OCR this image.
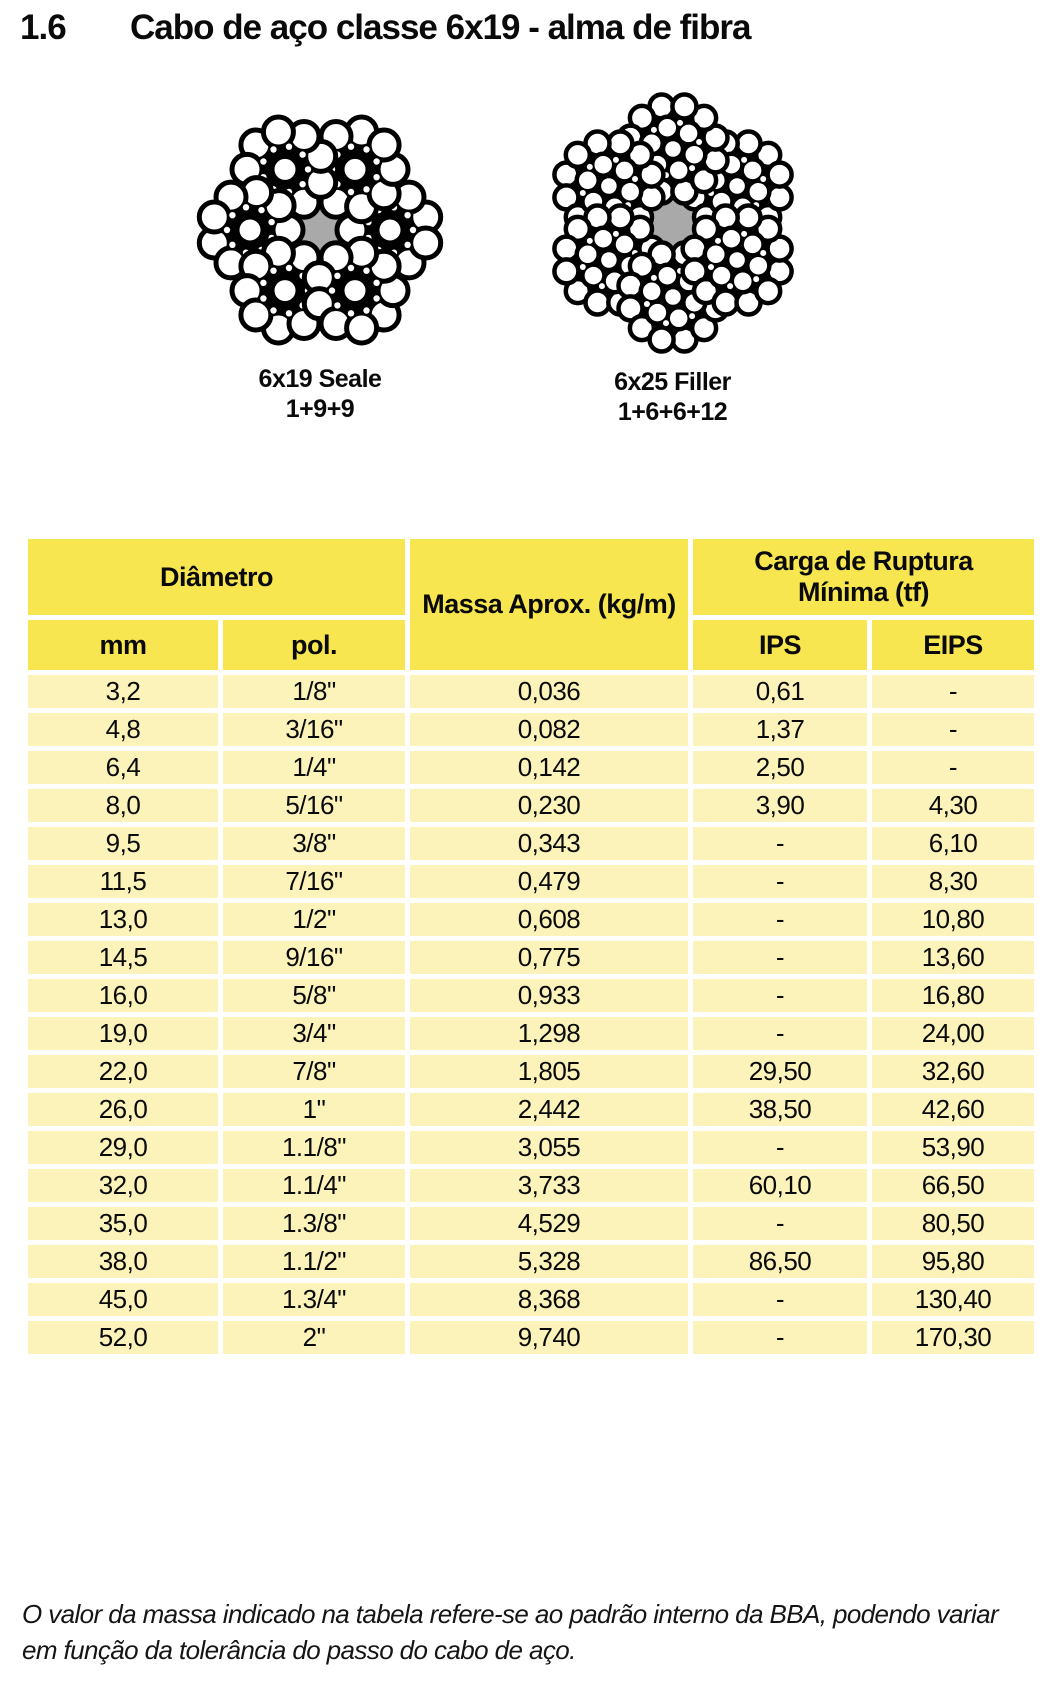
1.6	Cabo de aço classe 6x19 - alma de fibra
6x19 Seale
1+9+9
6x25 Filler
1+6+6+12
Diâmetro		Massa Aprox. (kg/m)	Carga de Ruptura
Mínima (tf)	

mm	pol.		IPS	EIPS
3,2	1/8"	0,036	0,61	-
4,8	3/16"	0,082	1,37	-
6,4	1/4"	0,142	2,50	-
8,0	5/16"	0,230	3,90	4,30
9,5	3/8"	0,343	-	6,10
11,5	7/16"	0,479	-	8,30
13,0	1/2"	0,608	-	10,80
14,5	9/16"	0,775	-	13,60
16,0	5/8"	0,933	-	16,80
19,0	3/4"	1,298	-	24,00
22,0	7/8"	1,805	29,50	32,60
26,0	1"	2,442	38,50	42,60
29,0	1.1/8"	3,055	-	53,90
32,0	1.1/4"	3,733	60,10	66,50
35,0	1.3/8"	4,529	-	80,50
38,0	1.1/2"	5,328	86,50	95,80
45,0	1.3/4"	8,368	-	130,40
52,0	2"	9,740	-	170,30

O valor da massa indicado na tabela refere-se ao padrão interno da BBA, podendo variar em função da tolerância do passo do cabo de aço.
